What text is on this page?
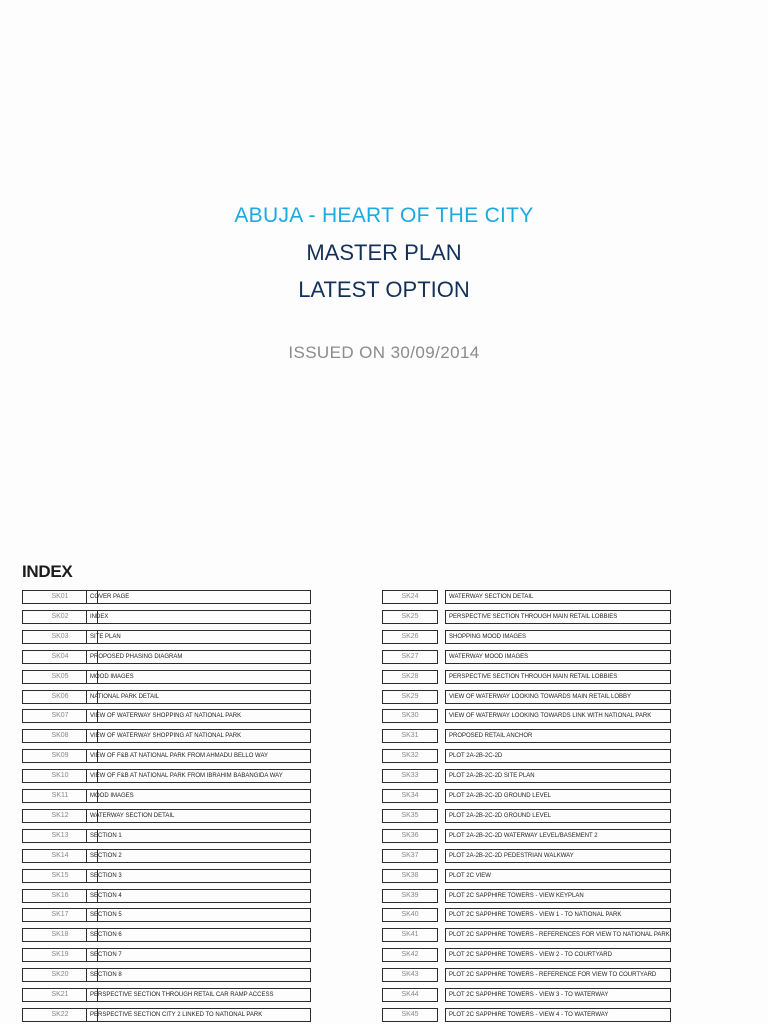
ABUJA - HEART OF THE CITY
MASTER PLAN
LATEST OPTION
ISSUED ON 30/09/2014
INDEX
SK01	COVER PAGE
SK02	INDEX
SK03	SITE PLAN
SK04	PROPOSED PHASING DIAGRAM
SK05	MOOD IMAGES
SK06	NATIONAL PARK DETAIL
SK07	VIEW OF WATERWAY SHOPPING AT NATIONAL PARK
SK08	VIEW OF WATERWAY SHOPPING AT NATIONAL PARK
SK09	VIEW OF F&B AT NATIONAL PARK FROM AHMADU BELLO WAY
SK10	VIEW OF F&B AT NATIONAL PARK FROM IBRAHIM BABANGIDA WAY
SK11	MOOD IMAGES
SK12	WATERWAY SECTION DETAIL
SK13	SECTION 1
SK14	SECTION 2
SK15	SECTION 3
SK16	SECTION 4
SK17	SECTION 5
SK18	SECTION 6
SK19	SECTION 7
SK20	SECTION 8
SK21	PERSPECTIVE SECTION THROUGH RETAIL CAR RAMP ACCESS
SK22	PERSPECTIVE SECTION CITY 2 LINKED TO NATIONAL PARK
SK24	WATERWAY SECTION DETAIL
SK25	PERSPECTIVE SECTION THROUGH MAIN RETAIL LOBBIES
SK26	SHOPPING MOOD IMAGES
SK27	WATERWAY MOOD IMAGES
SK28	PERSPECTIVE SECTION THROUGH MAIN RETAIL LOBBIES
SK29	VIEW OF WATERWAY LOOKING TOWARDS MAIN RETAIL LOBBY
SK30	VIEW OF WATERWAY LOOKING TOWARDS LINK WITH NATIONAL PARK
SK31	PROPOSED RETAIL ANCHOR
SK32	PLOT 2A-2B-2C-2D
SK33	PLOT 2A-2B-2C-2D SITE PLAN
SK34	PLOT 2A-2B-2C-2D GROUND LEVEL
SK35	PLOT 2A-2B-2C-2D GROUND LEVEL
SK36	PLOT 2A-2B-2C-2D WATERWAY LEVEL/BASEMENT 2
SK37	PLOT 2A-2B-2C-2D PEDESTRIAN WALKWAY
SK38	PLOT 2C VIEW
SK39	PLOT 2C SAPPHIRE TOWERS - VIEW KEYPLAN
SK40	PLOT 2C SAPPHIRE TOWERS - VIEW 1 - TO NATIONAL PARK
SK41	PLOT 2C SAPPHIRE TOWERS - REFERENCES FOR VIEW TO NATIONAL PARK
SK42	PLOT 2C SAPPHIRE TOWERS - VIEW 2 - TO COURTYARD
SK43	PLOT 2C SAPPHIRE TOWERS - REFERENCE FOR VIEW TO COURTYARD
SK44	PLOT 2C SAPPHIRE TOWERS - VIEW 3 - TO WATERWAY
SK45	PLOT 2C SAPPHIRE TOWERS - VIEW 4 - TO WATERWAY
